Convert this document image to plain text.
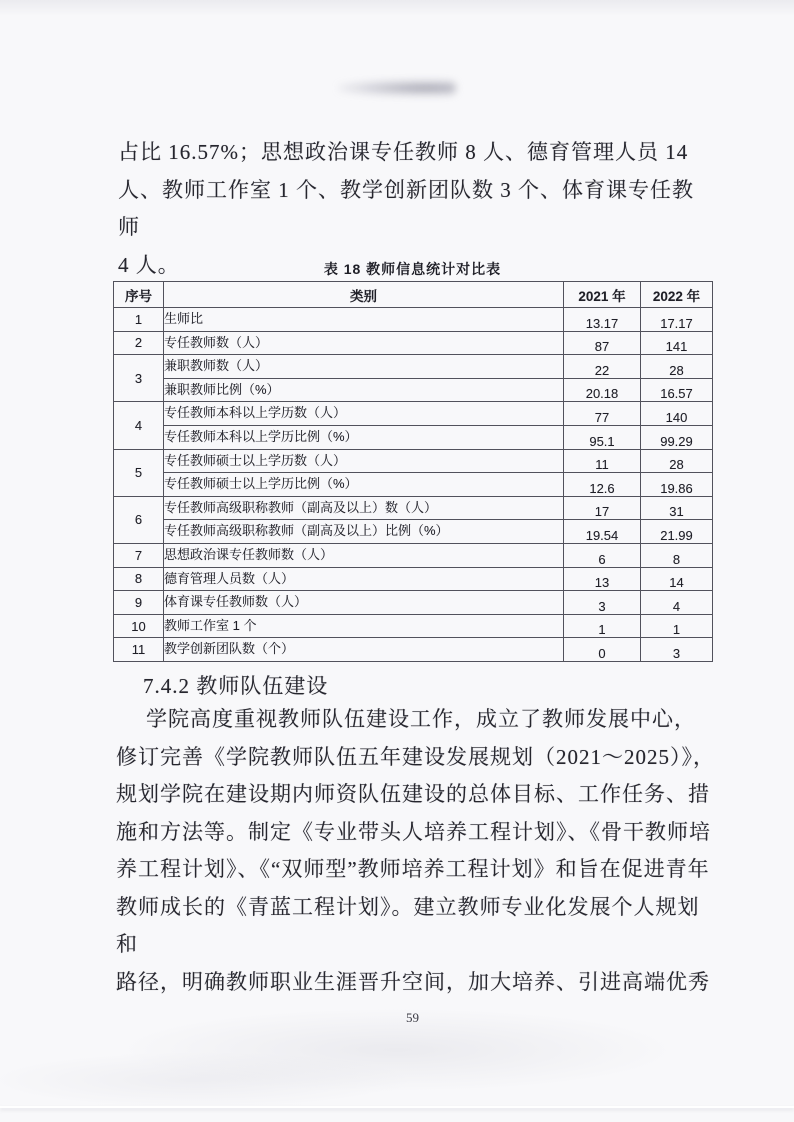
占比 16.57%；思想政治课专任教师 8 人、德育管理人员 14
人、教师工作室 1 个、教学创新团队数 3 个、体育课专任教师
4 人。	表 18 教师信息统计对比表
序号	类别	2021 年	2022 年
1	生师比	13.17	17.17
2	专任教师数（人）	87	141
3	兼职教师数（人）	22	28
	兼职教师比例（%）	20.18	16.57
4	专任教师本科以上学历数（人）	77	140
	专任教师本科以上学历比例（%）	95.1	99.29
5	专任教师硕士以上学历数（人）	11	28
	专任教师硕士以上学历比例（%）	12.6	19.86
6	专任教师高级职称教师（副高及以上）数（人）	17	31
	专任教师高级职称教师（副高及以上）比例（%）	19.54	21.99
7	思想政治课专任教师数（人）	6	8
8	德育管理人员数（人）	13	14
9	体育课专任教师数（人）	3	4
10	教师工作室 1 个	1	1
11	教学创新团队数（个）	0	3
7.4.2 教师队伍建设
学院高度重视教师队伍建设工作，成立了教师发展中心，
修订完善《学院教师队伍五年建设发展规划（2021～2025）》，
规划学院在建设期内师资队伍建设的总体目标、工作任务、措
施和方法等。制定《专业带头人培养工程计划》、《骨干教师培
养工程计划》、《“双师型”教师培养工程计划》和旨在促进青年
教师成长的《青蓝工程计划》。建立教师专业化发展个人规划和
路径，明确教师职业生涯晋升空间，加大培养、引进高端优秀
59
